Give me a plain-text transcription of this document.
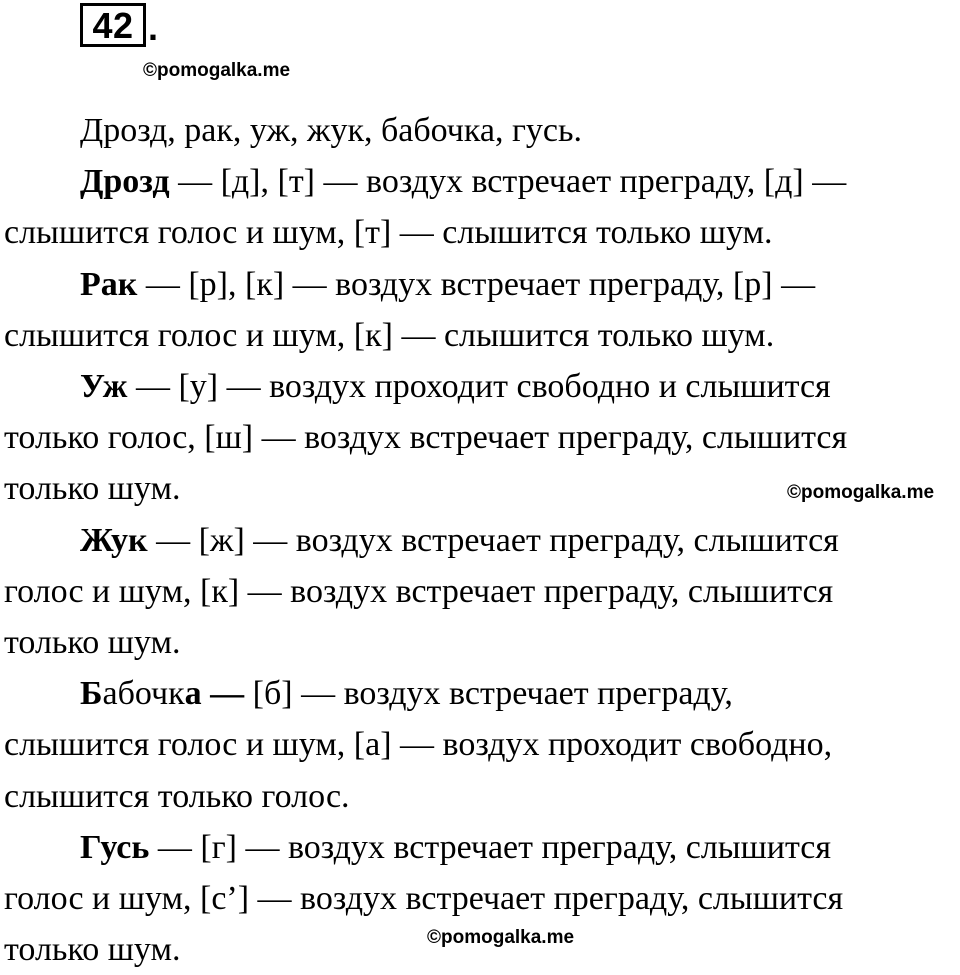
42 .
©pomogalka.me
©pomogalka.me
©pomogalka.me

Дрозд, рак, уж, жук, бабочка, гусь.

Дрозд — [д], [т] — воздух встречает преграду, [д] —
слышится голос и шум, [т] — слышится только шум.

Рак — [р], [к] — воздух встречает преграду, [р] —
слышится голос и шум, [к] — слышится только шум.

Уж — [у] — воздух проходит свободно и слышится
только голос, [ш] — воздух встречает преграду, слышится
только шум.

Жук — [ж] — воздух встречает преграду, слышится
голос и шум, [к] — воздух встречает преграду, слышится
только шум.

Бабочка — [б] — воздух встречает преграду,
слышится голос и шум, [а] — воздух проходит свободно,
слышится только голос.

Гусь — [г] — воздух встречает преграду, слышится
голос и шум, [с’] — воздух встречает преграду, слышится
только шум.
